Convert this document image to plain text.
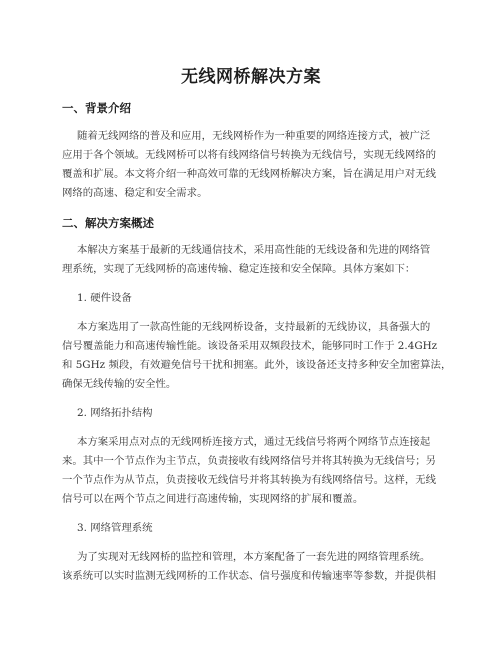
无线网桥解决方案
一、背景介绍
随着无线网络的普及和应用，无线网桥作为一种重要的网络连接方式，被广泛
应用于各个领域。无线网桥可以将有线网络信号转换为无线信号，实现无线网络的
覆盖和扩展。本文将介绍一种高效可靠的无线网桥解决方案，旨在满足用户对无线
网络的高速、稳定和安全需求。
二、解决方案概述
本解决方案基于最新的无线通信技术，采用高性能的无线设备和先进的网络管
理系统，实现了无线网桥的高速传输、稳定连接和安全保障。具体方案如下：
1. 硬件设备
本方案选用了一款高性能的无线网桥设备，支持最新的无线协议，具备强大的
信号覆盖能力和高速传输性能。该设备采用双频段技术，能够同时工作于 2.4GHz
和 5GHz 频段，有效避免信号干扰和拥塞。此外，该设备还支持多种安全加密算法，
确保无线传输的安全性。
2. 网络拓扑结构
本方案采用点对点的无线网桥连接方式，通过无线信号将两个网络节点连接起
来。其中一个节点作为主节点，负责接收有线网络信号并将其转换为无线信号；另
一个节点作为从节点，负责接收无线信号并将其转换为有线网络信号。这样，无线
信号可以在两个节点之间进行高速传输，实现网络的扩展和覆盖。
3. 网络管理系统
为了实现对无线网桥的监控和管理，本方案配备了一套先进的网络管理系统。
该系统可以实时监测无线网桥的工作状态、信号强度和传输速率等参数，并提供相
